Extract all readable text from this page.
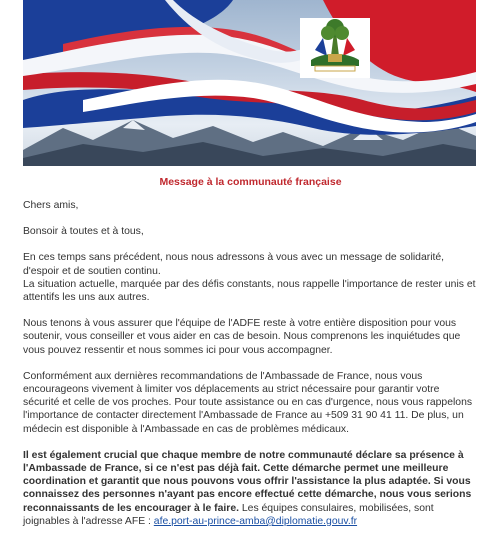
Message à la communauté française

Chers amis,

Bonsoir à toutes et à tous,

En ces temps sans précédent, nous nous adressons à vous avec un message de solidarité, d'espoir et de soutien continu.
La situation actuelle, marquée par des défis constants, nous rappelle l'importance de rester unis et attentifs les uns aux autres.

Nous tenons à vous assurer que l'équipe de l'ADFE reste à votre entière disposition pour vous soutenir, vous conseiller et vous aider en cas de besoin. Nous comprenons les inquiétudes que vous pouvez ressentir et nous sommes ici pour vous accompagner.

Conformément aux dernières recommandations de l'Ambassade de France, nous vous encourageons vivement à limiter vos déplacements au strict nécessaire pour garantir votre sécurité et celle de vos proches. Pour toute assistance ou en cas d'urgence, nous vous rappelons l'importance de contacter directement l'Ambassade de France au +509 31 90 41 11. De plus, un médecin est disponible à l'Ambassade en cas de problèmes médicaux.

Il est également crucial que chaque membre de notre communauté déclare sa présence à l'Ambassade de France, si ce n'est pas déjà fait. Cette démarche permet une meilleure coordination et garantit que nous pouvons vous offrir l'assistance la plus adaptée. Si vous connaissez des personnes n'ayant pas encore effectué cette démarche, nous vous serions reconnaissants de les encourager à le faire. Les équipes consulaires, mobilisées, sont joignables à l'adresse AFE : afe.port-au-prince-amba@diplomatie.gouv.fr
